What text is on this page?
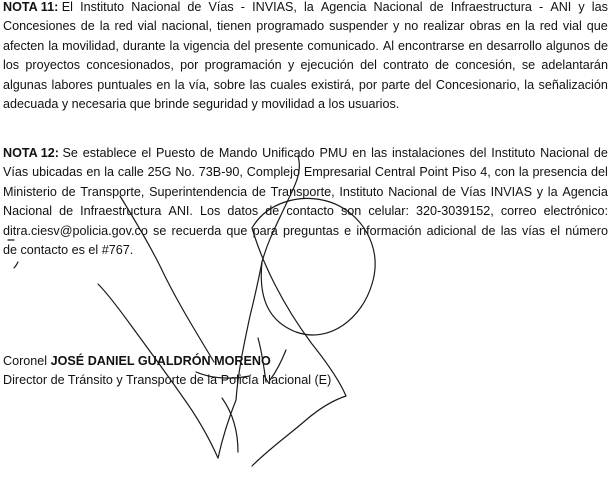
NOTA 11: El Instituto Nacional de Vías - INVIAS, la Agencia Nacional de Infraestructura - ANI y las
Concesiones de la red vial nacional, tienen programado suspender y no realizar obras en la red vial que
afecten la movilidad, durante la vigencia del presente comunicado. Al encontrarse en desarrollo algunos de
los proyectos concesionados, por programación y ejecución del contrato de concesión, se adelantarán
algunas labores puntuales en la vía, sobre las cuales existirá, por parte del Concesionario, la señalización
adecuada y necesaria que brinde seguridad y movilidad a los usuarios.

NOTA 12: Se establece el Puesto de Mando Unificado PMU en las instalaciones del Instituto Nacional de
Vías ubicadas en la calle 25G No. 73B-90, Complejo Empresarial Central Point Piso 4, con la presencia del
Ministerio de Transporte, Superintendencia de Transporte, Instituto Nacional de Vías INVIAS y la Agencia
Nacional de Infraestructura ANI. Los datos de contacto son celular: 320-3039152, correo electrónico:
ditra.ciesv@policia.gov.co se recuerda que para preguntas e información adicional de las vías el número
de contacto es el #767.

Coronel JOSÉ DANIEL GUALDRÓN MORENO
Director de Tránsito y Transporte de la Policía Nacional (E)
